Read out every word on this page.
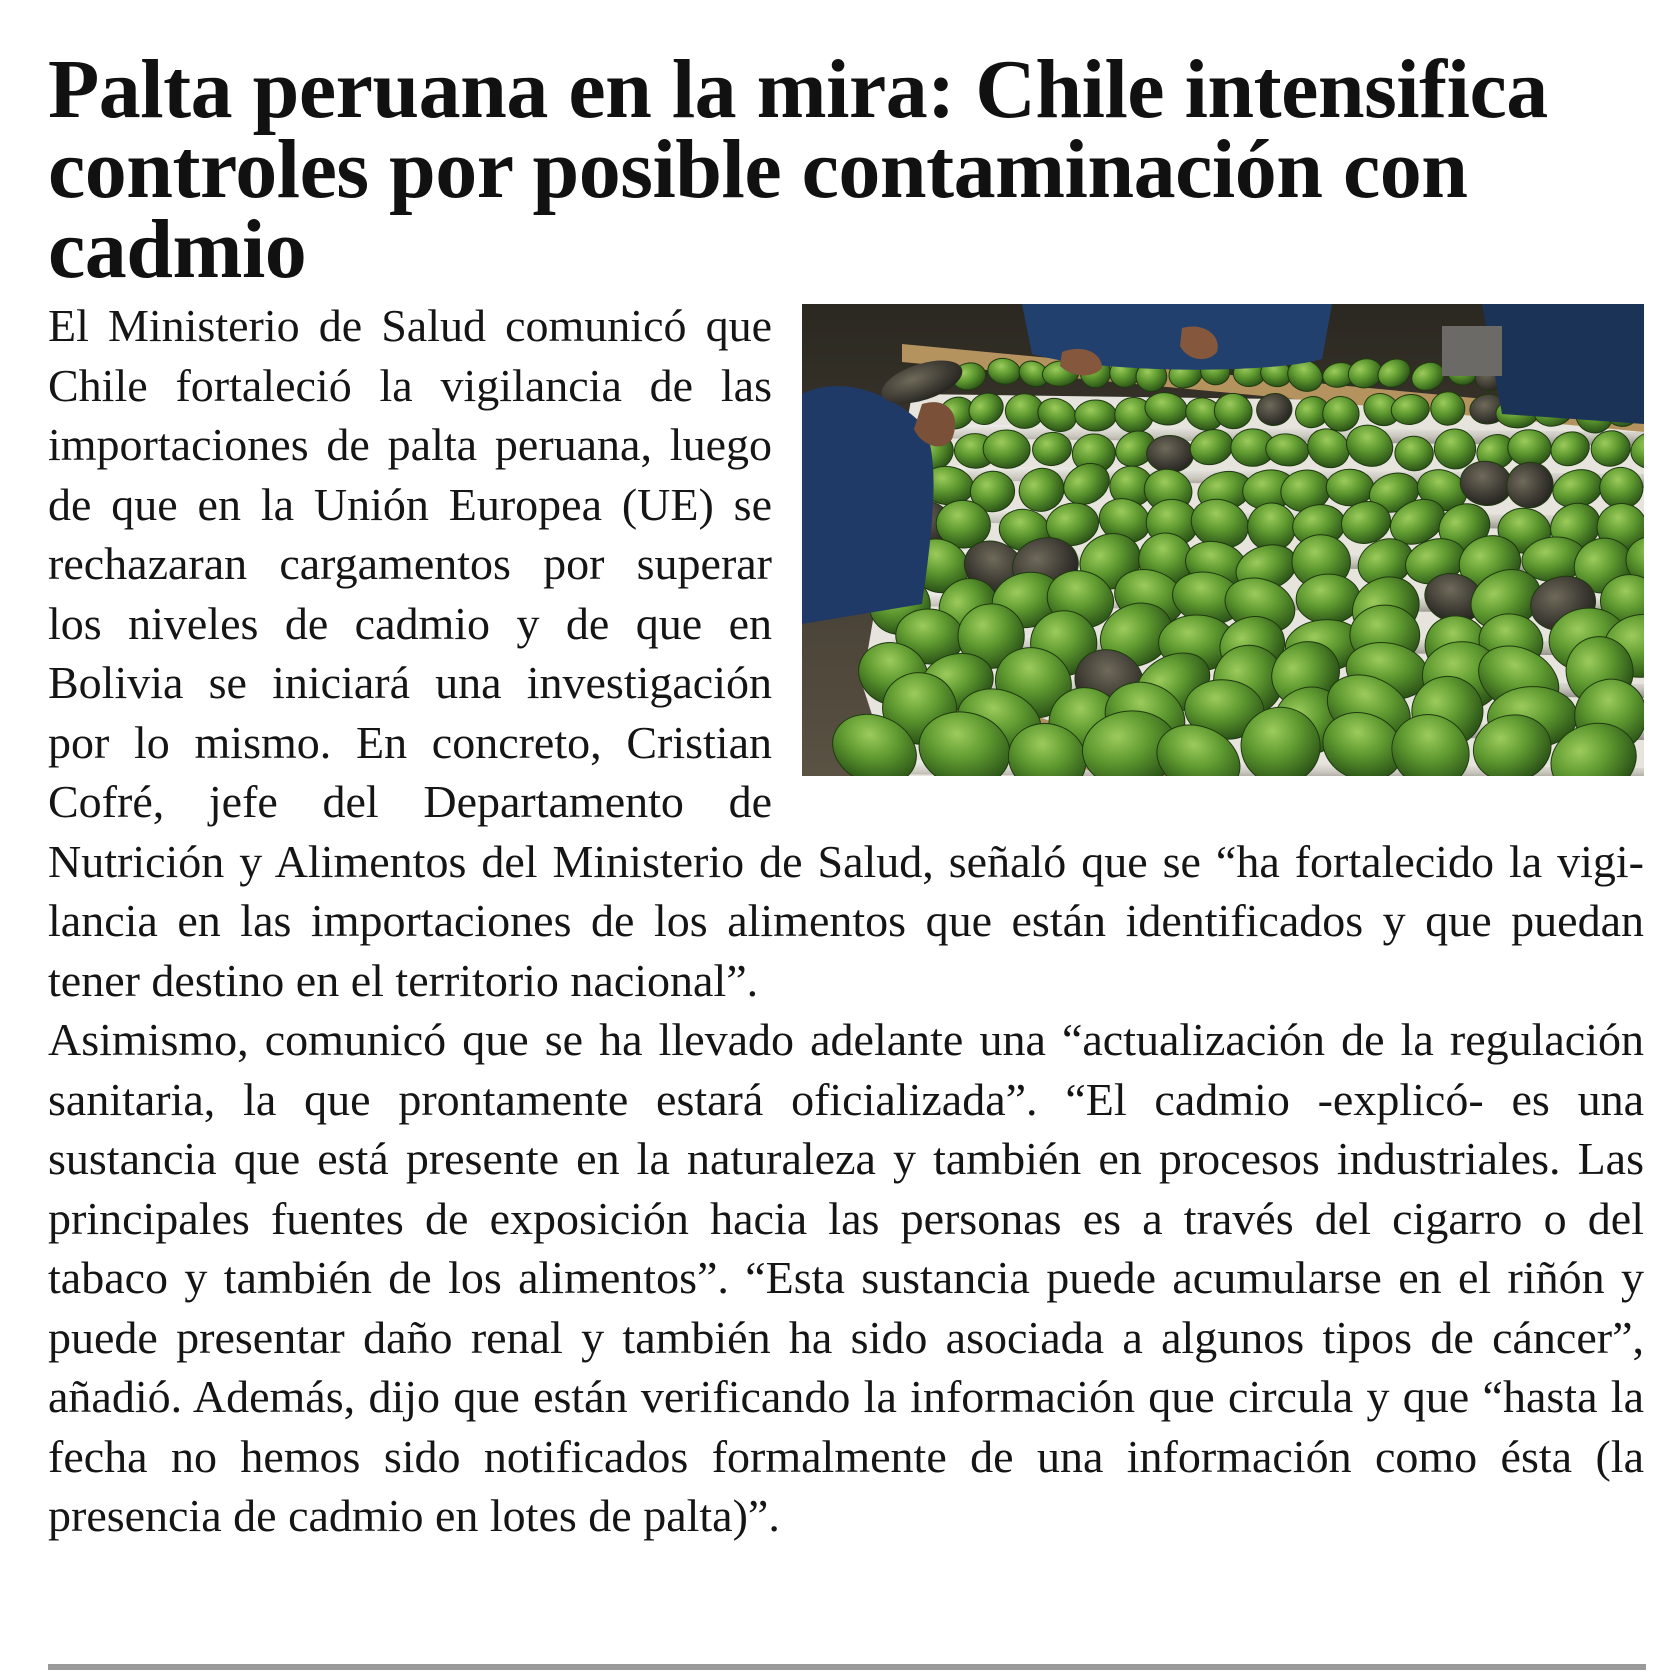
Palta peruana en la mira: Chile intensifica controles por posible contaminación con cadmio

El Ministerio de Salud comunicó que Chile fortaleció la vigilancia de las importaciones de palta peruana, luego de que en la Unión Europea (UE) se rechazaran cargamentos por superar los niveles de cadmio y de que en Bolivia se iniciará una investigación por lo mismo. En concreto, Cristian Cofré, jefe del Departamento de Nutrición y Alimentos del Ministerio de Salud, señaló que se “ha fortalecido la vigilancia en las importaciones de los alimentos que están identificados y que puedan tener destino en el territorio nacional”.

Asimismo, comunicó que se ha llevado adelante una “actualización de la regulación sanitaria, la que prontamente estará oficializada”. “El cadmio -explicó- es una sustancia que está presente en la naturaleza y también en procesos industriales. Las principales fuentes de exposición hacia las personas es a través del cigarro o del tabaco y también de los alimentos”. “Esta sustancia puede acumularse en el riñón y puede presentar daño renal y también ha sido asociada a algunos tipos de cáncer”, añadió. Además, dijo que están verificando la información que circula y que “hasta la fecha no hemos sido notificados formalmente de una información como ésta (la presencia de cadmio en lotes de palta)”.
